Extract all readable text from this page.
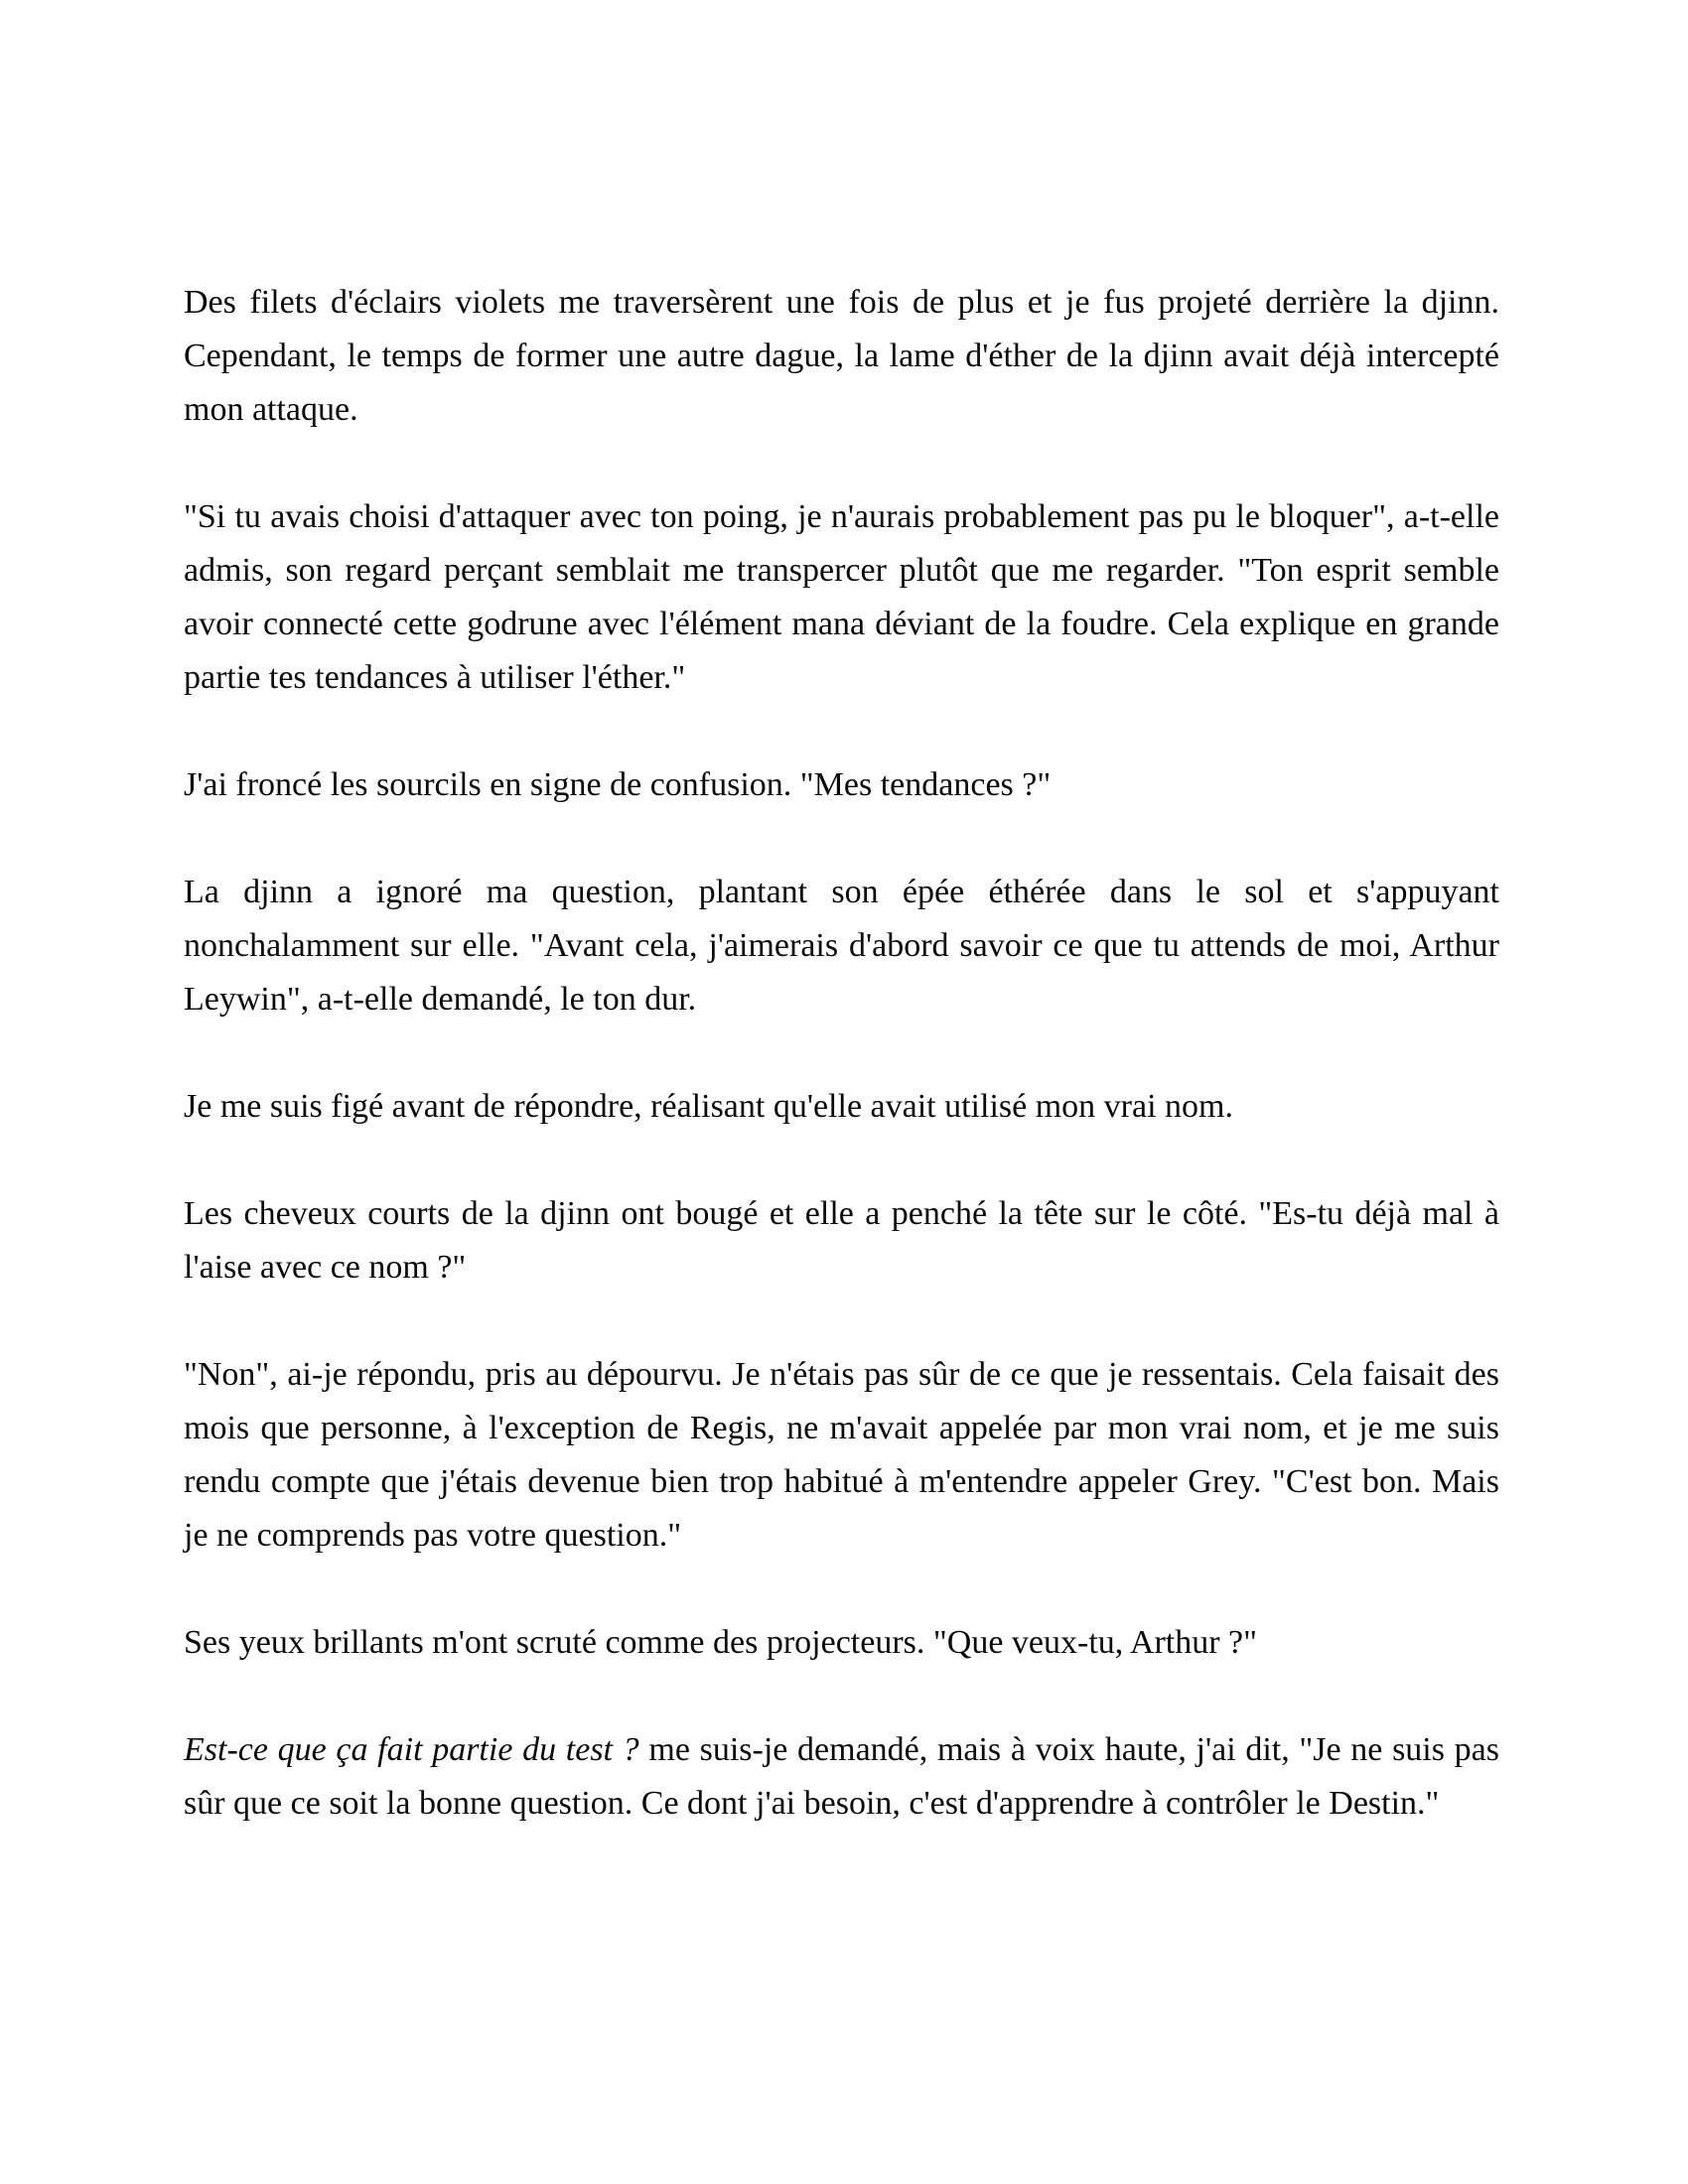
Des filets d'éclairs violets me traversèrent une fois de plus et je fus projeté derrière la djinn. Cependant, le temps de former une autre dague, la lame d'éther de la djinn avait déjà intercepté mon attaque.

"Si tu avais choisi d'attaquer avec ton poing, je n'aurais probablement pas pu le bloquer", a-t-elle admis, son regard perçant semblait me transpercer plutôt que me regarder. "Ton esprit semble avoir connecté cette godrune avec l'élément mana déviant de la foudre. Cela explique en grande partie tes tendances à utiliser l'éther."

J'ai froncé les sourcils en signe de confusion. "Mes tendances ?"

La djinn a ignoré ma question, plantant son épée éthérée dans le sol et s'appuyant nonchalamment sur elle. "Avant cela, j'aimerais d'abord savoir ce que tu attends de moi, Arthur Leywin", a-t-elle demandé, le ton dur.

Je me suis figé avant de répondre, réalisant qu'elle avait utilisé mon vrai nom.

Les cheveux courts de la djinn ont bougé et elle a penché la tête sur le côté. "Es-tu déjà mal à l'aise avec ce nom ?"

"Non", ai-je répondu, pris au dépourvu. Je n'étais pas sûr de ce que je ressentais. Cela faisait des mois que personne, à l'exception de Regis, ne m'avait appelée par mon vrai nom, et je me suis rendu compte que j'étais devenue bien trop habitué à m'entendre appeler Grey. "C'est bon. Mais je ne comprends pas votre question."

Ses yeux brillants m'ont scruté comme des projecteurs. "Que veux-tu, Arthur ?"

Est-ce que ça fait partie du test ? me suis-je demandé, mais à voix haute, j'ai dit, "Je ne suis pas sûr que ce soit la bonne question. Ce dont j'ai besoin, c'est d'apprendre à contrôler le Destin."
